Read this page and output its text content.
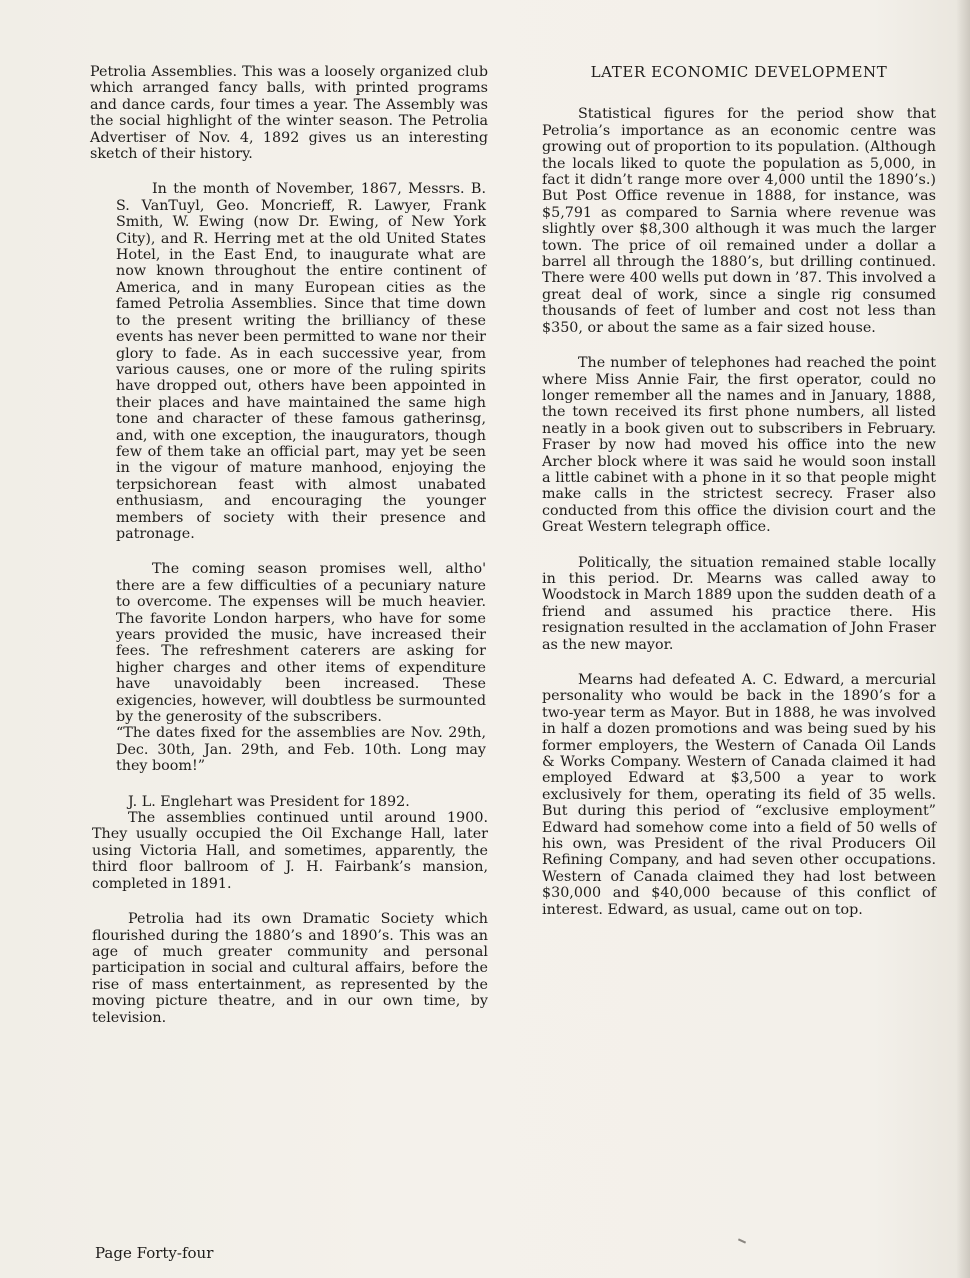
Petrolia Assemblies. This was a loosely organized club which arranged fancy balls, with printed programs and dance cards, four times a year. The Assembly was the social highlight of the winter season. The Petrolia Advertiser of Nov. 4, 1892 gives us an interesting sketch of their history.

In the month of November, 1867, Messrs. B. S. VanTuyl, Geo. Moncrieff, R. Lawyer, Frank Smith, W. Ewing (now Dr. Ewing, of New York City), and R. Herring met at the old United States Hotel, in the East End, to inaugurate what are now known throughout the entire continent of America, and in many European cities as the famed Petrolia Assemblies. Since that time down to the present writing the brilliancy of these events has never been permitted to wane nor their glory to fade. As in each successive year, from various causes, one or more of the ruling spirits have dropped out, others have been appointed in their places and have maintained the same high tone and character of these famous gatherinsg, and, with one exception, the inaugurators, though few of them take an official part, may yet be seen in the vigour of mature manhood, enjoying the terpsichorean feast with almost unabated enthusiasm, and encouraging the younger members of society with their presence and patronage.

The coming season promises well, altho' there are a few difficulties of a pecuniary nature to overcome. The expenses will be much heavier. The favorite London harpers, who have for some years provided the music, have increased their fees. The refreshment caterers are asking for higher charges and other items of expenditure have unavoidably been increased. These exigencies, however, will doubtless be surmounted by the generosity of the subscribers.

“The dates fixed for the assemblies are Nov. 29th, Dec. 30th, Jan. 29th, and Feb. 10th. Long may they boom!”

J. L. Englehart was President for 1892.

The assemblies continued until around 1900. They usually occupied the Oil Exchange Hall, later using Victoria Hall, and sometimes, apparently, the third floor ballroom of J. H. Fairbank’s mansion, completed in 1891.

Petrolia had its own Dramatic Society which flourished during the 1880’s and 1890’s. This was an age of much greater community and personal participation in social and cultural affairs, before the rise of mass entertainment, as represented by the moving picture theatre, and in our own time, by television.

LATER ECONOMIC DEVELOPMENT

Statistical figures for the period show that Petrolia’s importance as an economic centre was growing out of proportion to its population. (Although the locals liked to quote the population as 5,000, in fact it didn’t range more over 4,000 until the 1890’s.) But Post Office revenue in 1888, for instance, was $5,791 as compared to Sarnia where revenue was slightly over $8,300 although it was much the larger town. The price of oil remained under a dollar a barrel all through the 1880’s, but drilling continued. There were 400 wells put down in ’87. This involved a great deal of work, since a single rig consumed thousands of feet of lumber and cost not less than $350, or about the same as a fair sized house.

The number of telephones had reached the point where Miss Annie Fair, the first operator, could no longer remember all the names and in January, 1888, the town received its first phone numbers, all listed neatly in a book given out to subscribers in February. Fraser by now had moved his office into the new Archer block where it was said he would soon install a little cabinet with a phone in it so that people might make calls in the strictest secrecy. Fraser also conducted from this office the division court and the Great Western telegraph office.

Politically, the situation remained stable locally in this period. Dr. Mearns was called away to Woodstock in March 1889 upon the sudden death of a friend and assumed his practice there. His resignation resulted in the acclamation of John Fraser as the new mayor.

Mearns had defeated A. C. Edward, a mercurial personality who would be back in the 1890’s for a two-year term as Mayor. But in 1888, he was involved in half a dozen promotions and was being sued by his former employers, the Western of Canada Oil Lands & Works Company. Western of Canada claimed it had employed Edward at $3,500 a year to work exclusively for them, operating its field of 35 wells. But during this period of “exclusive employment” Edward had somehow come into a field of 50 wells of his own, was President of the rival Producers Oil Refining Company, and had seven other occupations. Western of Canada claimed they had lost between $30,000 and $40,000 because of this conflict of interest. Edward, as usual, came out on top.

Page Forty-four
